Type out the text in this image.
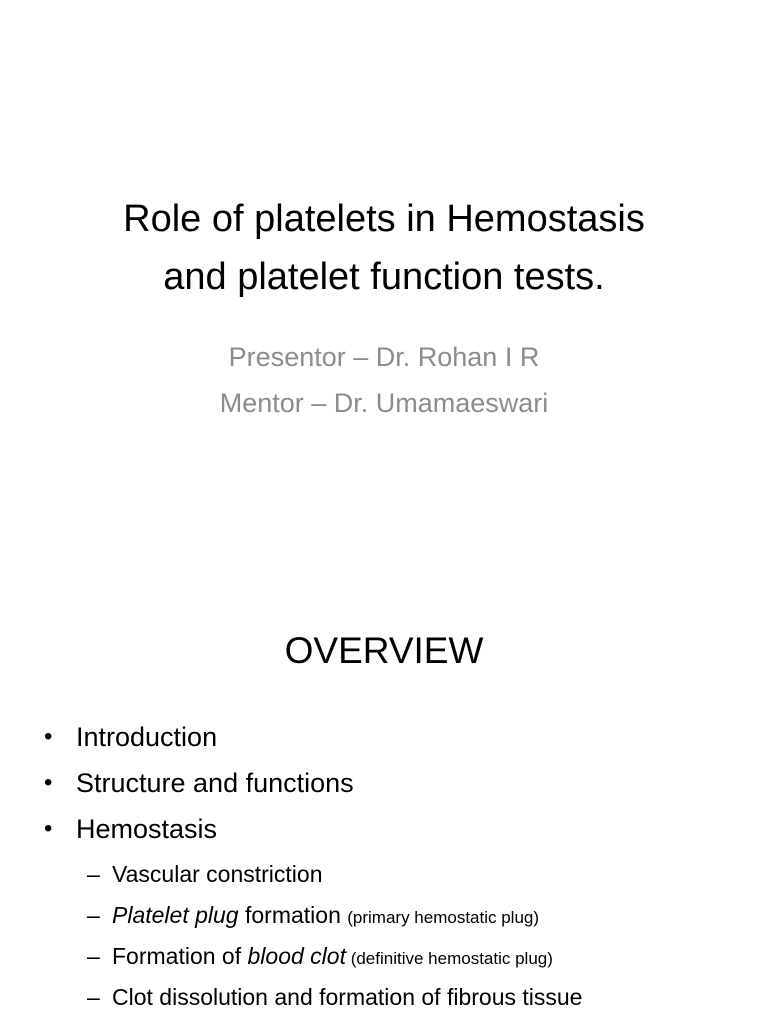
Role of platelets in Hemostasis
and platelet function tests.
Presentor – Dr. Rohan I R
Mentor – Dr. Umamaeswari
OVERVIEW
• Introduction
• Structure and functions
• Hemostasis
– Vascular constriction
– Platelet plug formation (primary hemostatic plug)
– Formation of blood clot (definitive hemostatic plug)
– Clot dissolution and formation of fibrous tissue
